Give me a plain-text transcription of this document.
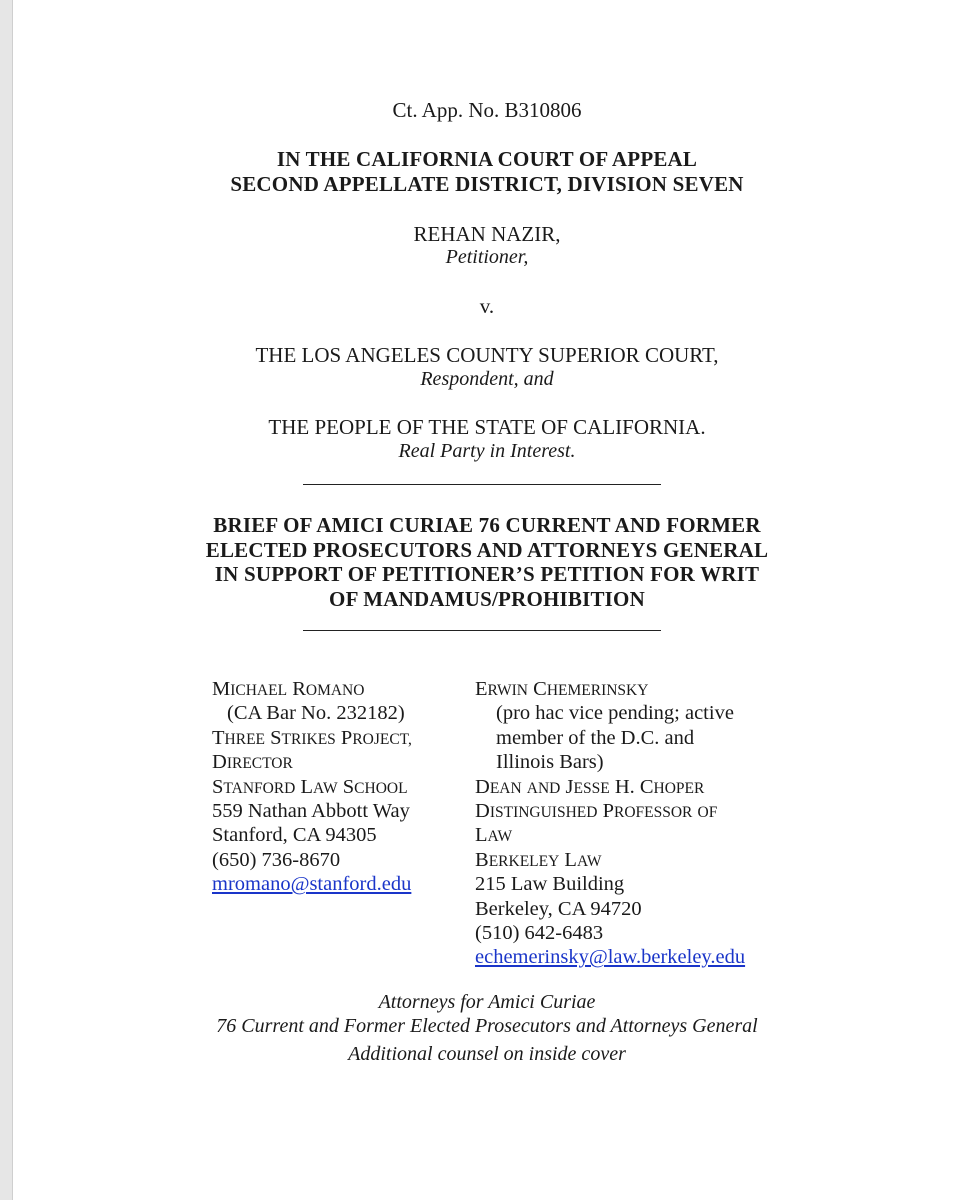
Ct. App. No. B310806
IN THE CALIFORNIA COURT OF APPEAL
SECOND APPELLATE DISTRICT, DIVISION SEVEN
REHAN NAZIR,
Petitioner,
v.
THE LOS ANGELES COUNTY SUPERIOR COURT,
Respondent, and
THE PEOPLE OF THE STATE OF CALIFORNIA.
Real Party in Interest.
BRIEF OF AMICI CURIAE 76 CURRENT AND FORMER
ELECTED PROSECUTORS AND ATTORNEYS GENERAL
IN SUPPORT OF PETITIONER’S PETITION FOR WRIT
OF MANDAMUS/PROHIBITION
MICHAEL ROMANO
(CA Bar No. 232182)
THREE STRIKES PROJECT,
DIRECTOR
STANFORD LAW SCHOOL
559 Nathan Abbott Way
Stanford, CA 94305
(650) 736-8670
mromano@stanford.edu
ERWIN CHEMERINSKY
(pro hac vice pending; active
member of the D.C. and
Illinois Bars)
DEAN AND JESSE H. CHOPER
DISTINGUISHED PROFESSOR OF
LAW
BERKELEY LAW
215 Law Building
Berkeley, CA 94720
(510) 642-6483
echemerinsky@law.berkeley.edu
Attorneys for Amici Curiae
76 Current and Former Elected Prosecutors and Attorneys General
Additional counsel on inside cover
